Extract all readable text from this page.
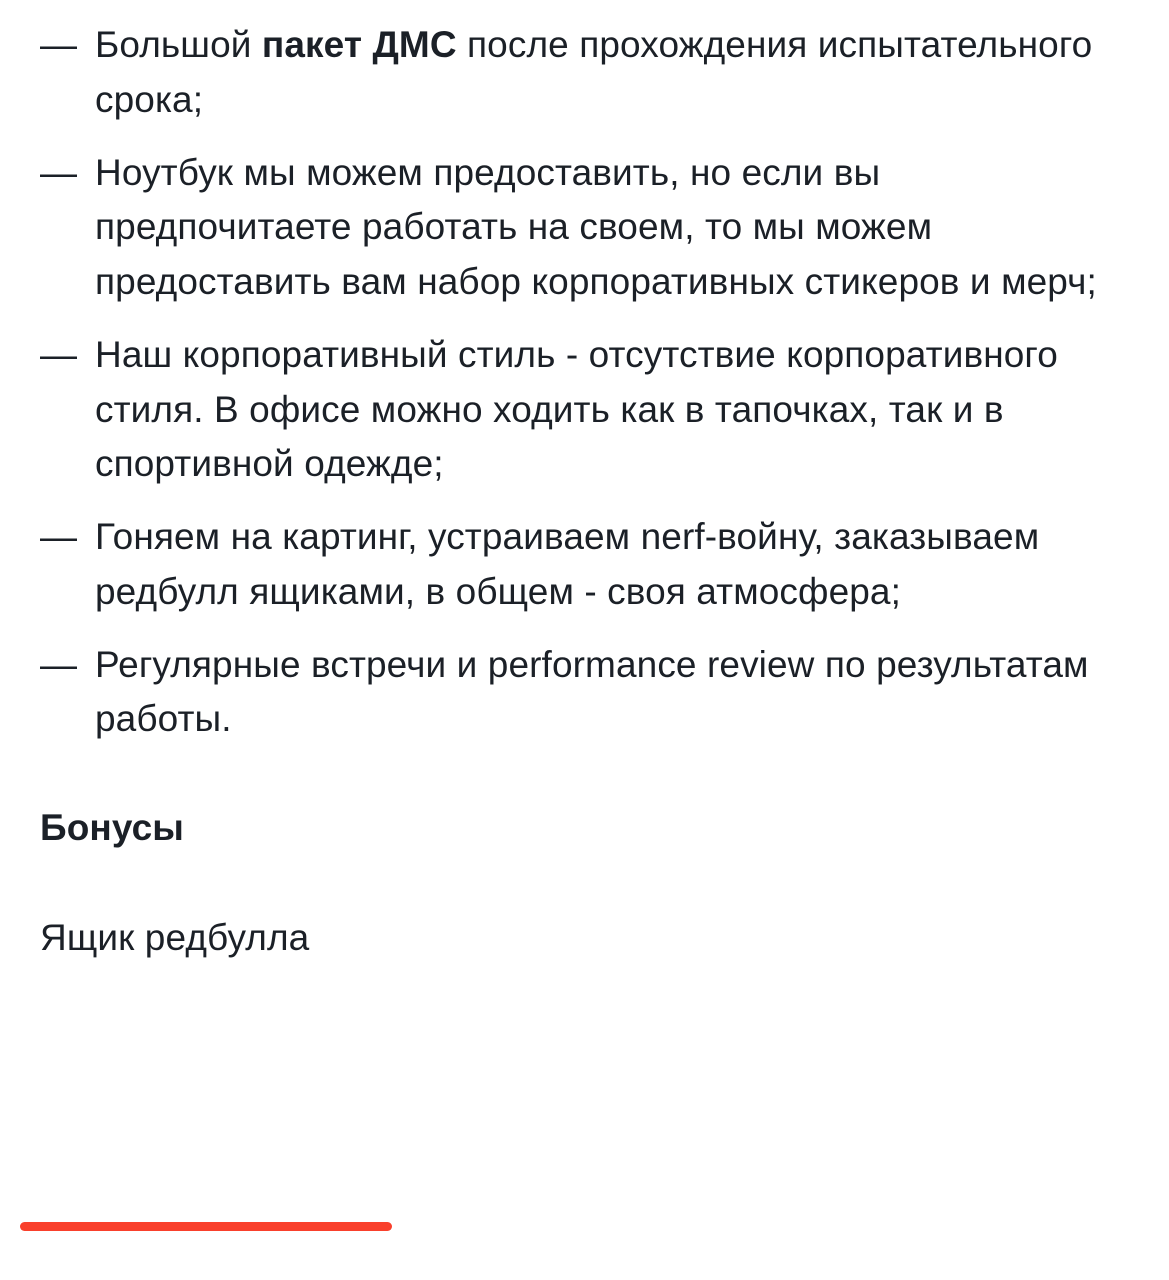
— Большой пакет ДМС после прохождения испытательного срока;
— Ноутбук мы можем предоставить, но если вы предпочитаете работать на своем, то мы можем предоставить вам набор корпоративных стикеров и мерч;
— Наш корпоративный стиль - отсутствие корпоративного стиля. В офисе можно ходить как в тапочках, так и в спортивной одежде;
— Гоняем на картинг, устраиваем nerf-войну, заказываем редбулл ящиками, в общем - своя атмосфера;
— Регулярные встречи и performance review по результатам работы.
Бонусы
Ящик редбулла
